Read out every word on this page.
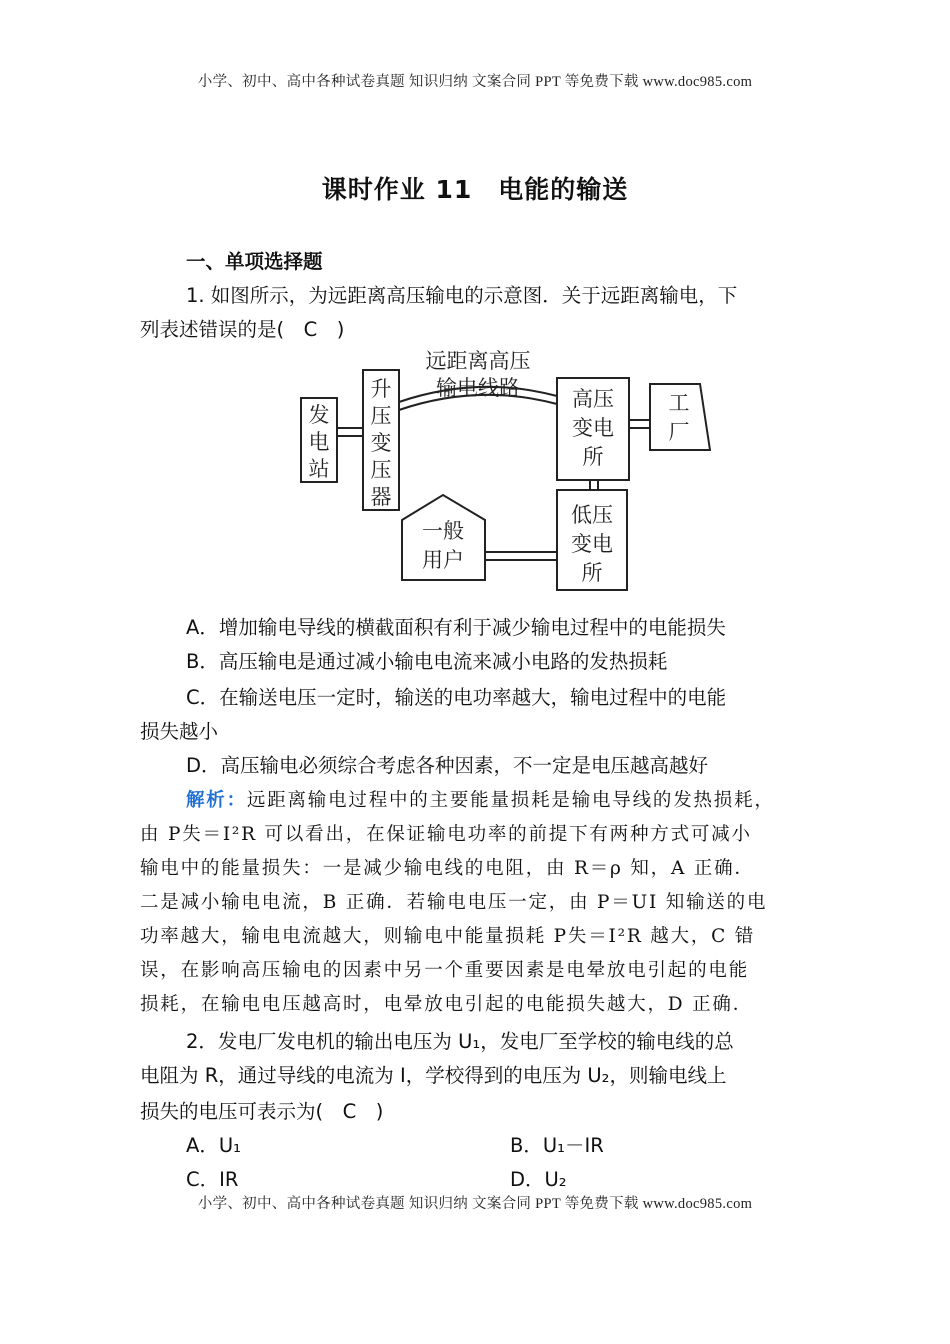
小学、初中、高中各种试卷真题 知识归纳 文案合同 PPT 等免费下载 www.doc985.com
课时作业 11　电能的输送
一、单项选择题
1. 如图所示，为远距离高压输电的示意图．关于远距离输电，下
列表述错误的是(　C　)
远距离高压
输电线路
发
电
站
升
压
变
压
器
高压
变电
所
工
厂
低压
变电
所
一般
用户
A．增加输电导线的横截面积有利于减少输电过程中的电能损失
B．高压输电是通过减小输电电流来减小电路的发热损耗
C．在输送电压一定时，输送的电功率越大，输电过程中的电能
损失越小
D．高压输电必须综合考虑各种因素，不一定是电压越高越好
解析：远距离输电过程中的主要能量损耗是输电导线的发热损耗，
由 P失＝I²R 可以看出，在保证输电功率的前提下有两种方式可减小
输电中的能量损失：一是减少输电线的电阻，由 R＝ρ 知，A 正确．
二是减小输电电流，B 正确．若输电电压一定，由 P＝UI 知输送的电
功率越大，输电电流越大，则输电中能量损耗 P失＝I²R 越大，C 错
误，在影响高压输电的因素中另一个重要因素是电晕放电引起的电能
损耗，在输电电压越高时，电晕放电引起的电能损失越大，D 正确．
2．发电厂发电机的输出电压为 U₁，发电厂至学校的输电线的总
电阻为 R，通过导线的电流为 I，学校得到的电压为 U₂，则输电线上
损失的电压可表示为(　C　)
A．U₁	B．U₁－IR
C．IR	D．U₂
小学、初中、高中各种试卷真题 知识归纳 文案合同 PPT 等免费下载 www.doc985.com
